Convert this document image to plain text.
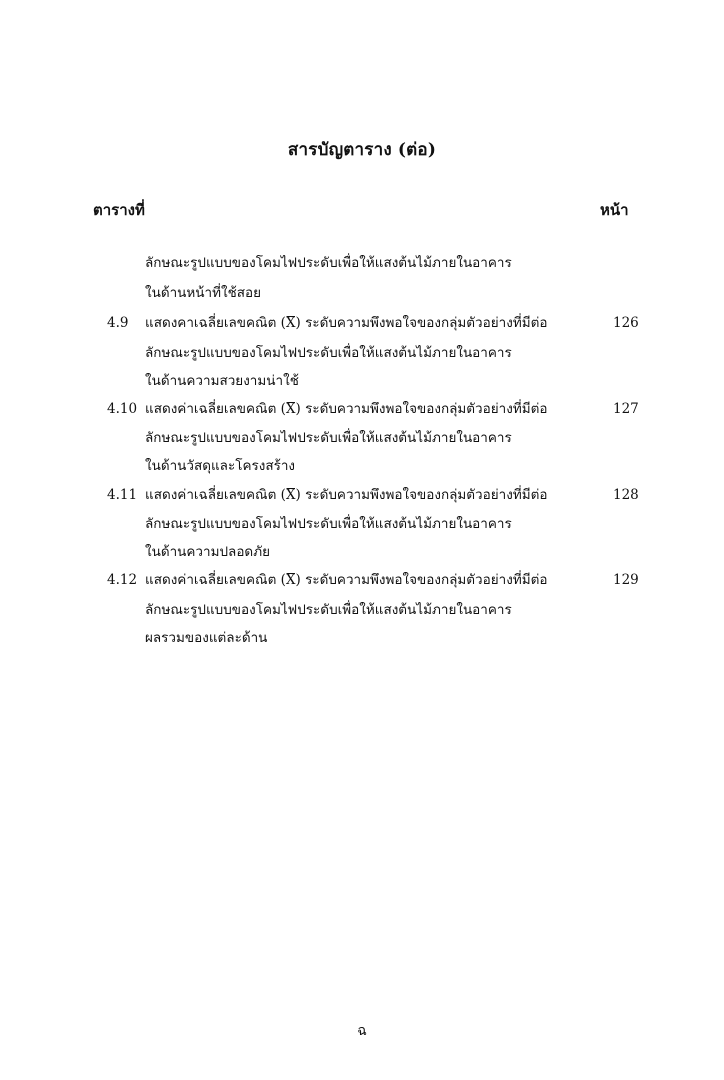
สารบัญตาราง (ต่อ)
ตารางที่	หน้า
ลักษณะรูปแบบของโคมไฟประดับเพื่อให้แสงต้นไม้ภายในอาคาร
ในด้านหน้าที่ใช้สอย
4.9 แสดงคาเฉลี่ยเลขคณิต (X) ระดับความพึงพอใจของกลุ่มตัวอย่างที่มีต่อ	126
ลักษณะรูปแบบของโคมไฟประดับเพื่อให้แสงต้นไม้ภายในอาคาร
ในด้านความสวยงามน่าใช้
4.10 แสดงค่าเฉลี่ยเลขคณิต (X) ระดับความพึงพอใจของกลุ่มตัวอย่างที่มีต่อ	127
ลักษณะรูปแบบของโคมไฟประดับเพื่อให้แสงต้นไม้ภายในอาคาร
ในด้านวัสดุและโครงสร้าง
4.11 แสดงค่าเฉลี่ยเลขคณิต (X) ระดับความพึงพอใจของกลุ่มตัวอย่างที่มีต่อ	128
ลักษณะรูปแบบของโคมไฟประดับเพื่อให้แสงต้นไม้ภายในอาคาร
ในด้านความปลอดภัย
4.12 แสดงค่าเฉลี่ยเลขคณิต (X) ระดับความพึงพอใจของกลุ่มตัวอย่างที่มีต่อ	129
ลักษณะรูปแบบของโคมไฟประดับเพื่อให้แสงต้นไม้ภายในอาคาร
ผลรวมของแต่ละด้าน
ฉ
